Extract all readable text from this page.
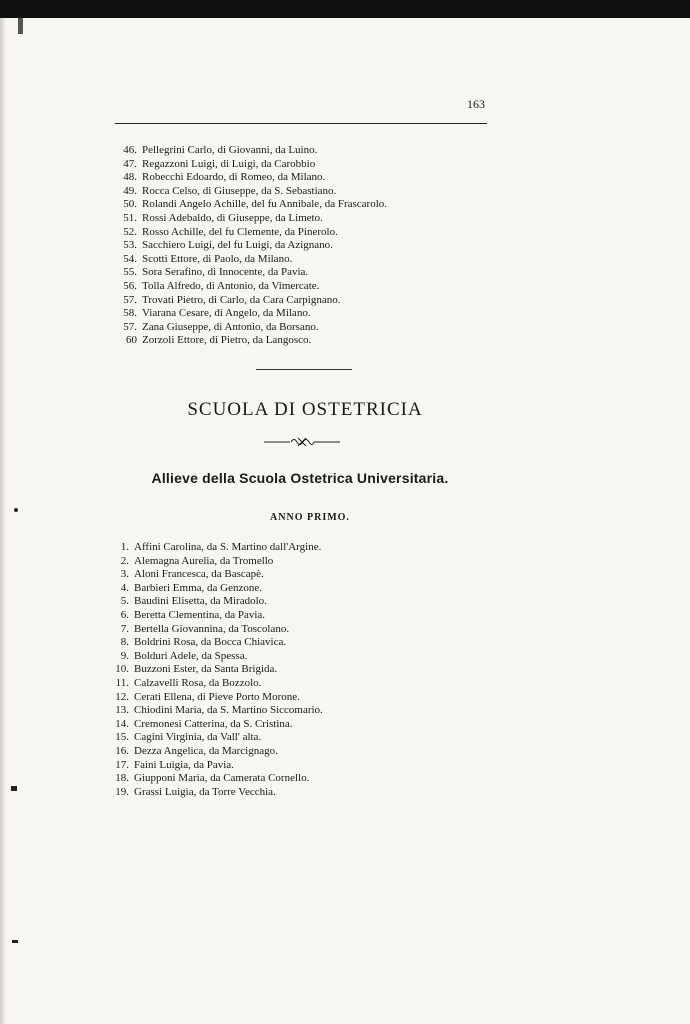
163
46. Pellegrini Carlo, di Giovanni, da Luino.
47. Regazzoni Luigi, di Luigi, da Carobbio
48. Robecchi Edoardo, di Romeo, da Milano.
49. Rocca Celso, di Giuseppe, da S. Sebastiano.
50. Rolandi Angelo Achille, del fu Annibale, da Frascarolo.
51. Rossi Adebaldo, di Giuseppe, da Limeto.
52. Rosso Achille, del fu Clemente, da Pinerolo.
53. Sacchiero Luigi, del fu Luigi, da Azignano.
54. Scotti Ettore, di Paolo, da Milano.
55. Sora Serafino, di Innocente, da Pavia.
56. Tolla Alfredo, di Antonio, da Vimercate.
57. Trovati Pietro, di Carlo, da Cara Carpignano.
58. Viarana Cesare, di Angelo, da Milano.
57. Zana Giuseppe, di Antonio, da Borsano.
60 Zorzoli Ettore, di Pietro, da Langosco.
SCUOLA DI OSTETRICIA
Allieve della Scuola Ostetrica Universitaria.
ANNO PRIMO.
1. Affini Carolina, da S. Martino dall'Argine.
2. Alemagna Aurelia, da Tromello
3. Aloni Francesca, da Bascapè.
4. Barbieri Emma, da Genzone.
5. Baudini Elisetta, da Miradolo.
6. Beretta Clementina, da Pavia.
7. Bertella Giovannina, da Toscolano.
8. Boldrini Rosa, da Bocca Chiavica.
9. Bolduri Adele, da Spessa.
10. Buzzoni Ester, da Santa Brigida.
11. Calzavelli Rosa, da Bozzolo.
12. Cerati Ellena, di Pieve Porto Morone.
13. Chiodini Maria, da S. Martino Siccomario.
14. Cremonesi Catterina, da S. Cristina.
15. Cagini Virginia, da Vall' alta.
16. Dezza Angelica, da Marcignago.
17. Faini Luigia, da Pavia.
18. Giupponi Maria, da Camerata Cornello.
19. Grassi Luigia, da Torre Vecchia.
